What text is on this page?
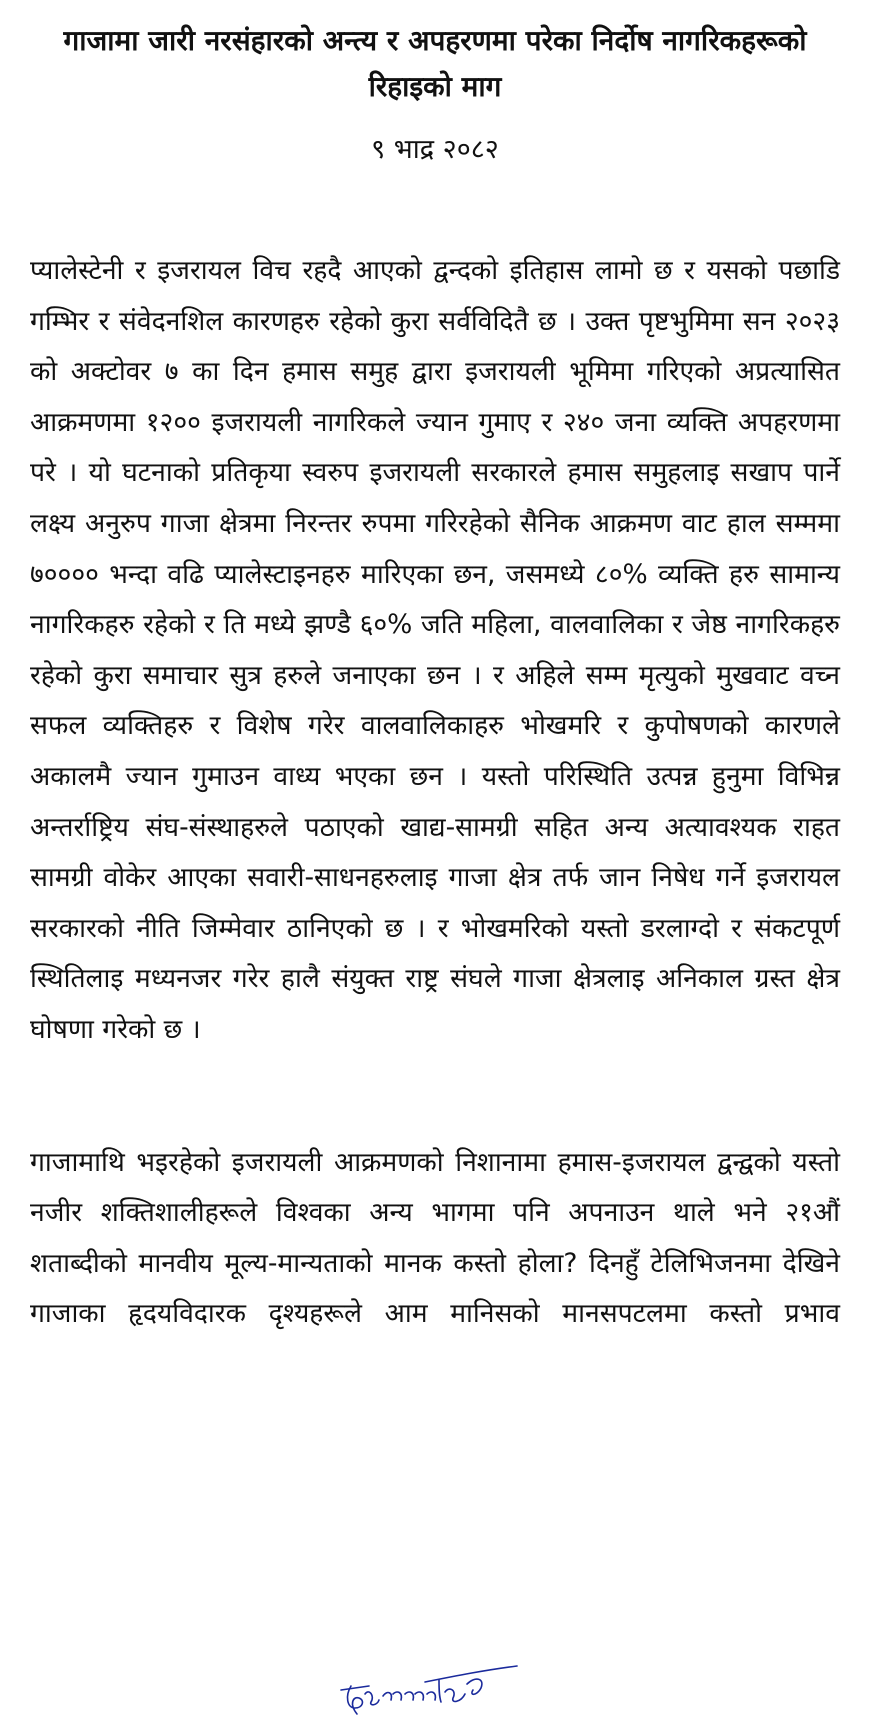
गाजामा जारी नरसंहारको अन्त्य र अपहरणमा परेका निर्दोष नागरिकहरूको रिहाइको माग
९ भाद्र २०८२

प्यालेस्टेनी र इजरायल विच रहदै आएको द्वन्दको इतिहास लामो छ र यसको पछाडि गम्भिर र संवेदनशिल कारणहरु रहेको कुरा सर्वविदितै छ । उक्त पृष्टभुमिमा सन २०२३ को अक्टोवर ७ का दिन हमास समुह द्वारा इजरायली भूमिमा गरिएको अप्रत्यासित आक्रमणमा १२०० इजरायली नागरिकले ज्यान गुमाए र २४० जना व्यक्ति अपहरणमा परे । यो घटनाको प्रतिकृया स्वरुप इजरायली सरकारले हमास समुहलाइ सखाप पार्ने लक्ष्य अनुरुप गाजा क्षेत्रमा निरन्तर रुपमा गरिरहेको सैनिक आक्रमण वाट हाल सम्ममा ७०००० भन्दा वढि प्यालेस्टाइनहरु मारिएका छन, जसमध्ये ८०% व्यक्ति हरु सामान्य नागरिकहरु रहेको र ति मध्ये झण्डै ६०% जति महिला, वालवालिका र जेष्ठ नागरिकहरु रहेको कुरा समाचार सुत्र हरुले जनाएका छन । र अहिले सम्म मृत्युको मुखवाट वच्न सफल व्यक्तिहरु र विशेष गरेर वालवालिकाहरु भोखमरि र कुपोषणको कारणले अकालमै ज्यान गुमाउन वाध्य भएका छन । यस्तो परिस्थिति उत्पन्न हुनुमा विभिन्न अन्तर्राष्ट्रिय संघ-संस्थाहरुले पठाएको खाद्य-सामग्री सहित अन्य अत्यावश्यक राहत सामग्री वोकेर आएका सवारी-साधनहरुलाइ गाजा क्षेत्र तर्फ जान निषेध गर्ने इजरायल सरकारको नीति जिम्मेवार ठानिएको छ । र भोखमरिको यस्तो डरलाग्दो र संकटपूर्ण स्थितिलाइ मध्यनजर गरेर हालै संयुक्त राष्ट्र संघले गाजा क्षेत्रलाइ अनिकाल ग्रस्त क्षेत्र घोषणा गरेको छ ।

गाजामाथि भइरहेको इजरायली आक्रमणको निशानामा हमास-इजरायल द्वन्द्वको यस्तो नजीर शक्तिशालीहरूले विश्वका अन्य भागमा पनि अपनाउन थाले भने २१औं शताब्दीको मानवीय मूल्य-मान्यताको मानक कस्तो होला? दिनहुँ टेलिभिजनमा देखिने गाजाका हृदयविदारक दृश्यहरूले आम मानिसको मानसपटलमा कस्तो प्रभाव
